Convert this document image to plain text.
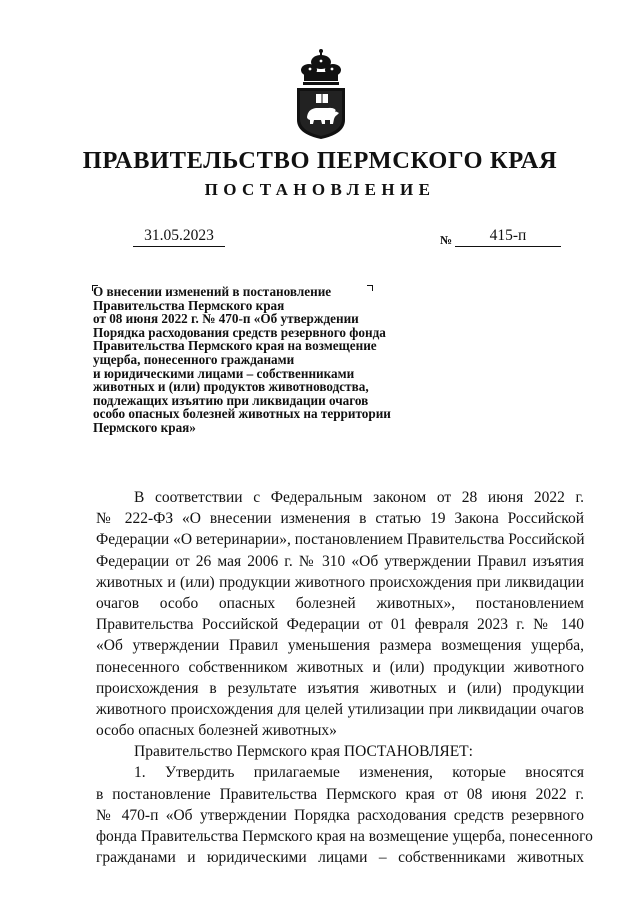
ПРАВИТЕЛЬСТВО ПЕРМСКОГО КРАЯ
ПОСТАНОВЛЕНИЕ
31.05.2023	№	415-п
О внесении изменений в постановление
Правительства Пермского края
от 08 июня 2022 г. № 470-п «Об утверждении
Порядка расходования средств резервного фонда
Правительства Пермского края на возмещение
ущерба, понесенного гражданами
и юридическими лицами – собственниками
животных и (или) продуктов животноводства,
подлежащих изъятию при ликвидации очагов
особо опасных болезней животных на территории
Пермского края»
В соответствии с Федеральным законом от 28 июня 2022 г.
№ 222-ФЗ «О внесении изменения в статью 19 Закона Российской
Федерации «О ветеринарии», постановлением Правительства Российской
Федерации от 26 мая 2006 г. № 310 «Об утверждении Правил изъятия
животных и (или) продукции животного происхождения при ликвидации
очагов особо опасных болезней животных», постановлением
Правительства Российской Федерации от 01 февраля 2023 г. № 140
«Об утверждении Правил уменьшения размера возмещения ущерба,
понесенного собственником животных и (или) продукции животного
происхождения в результате изъятия животных и (или) продукции
животного происхождения для целей утилизации при ликвидации очагов
особо опасных болезней животных»
Правительство Пермского края ПОСТАНОВЛЯЕТ:
1. Утвердить прилагаемые изменения, которые вносятся
в постановление Правительства Пермского края от 08 июня 2022 г.
№ 470-п «Об утверждении Порядка расходования средств резервного
фонда Правительства Пермского края на возмещение ущерба, понесенного
гражданами и юридическими лицами – собственниками животных
